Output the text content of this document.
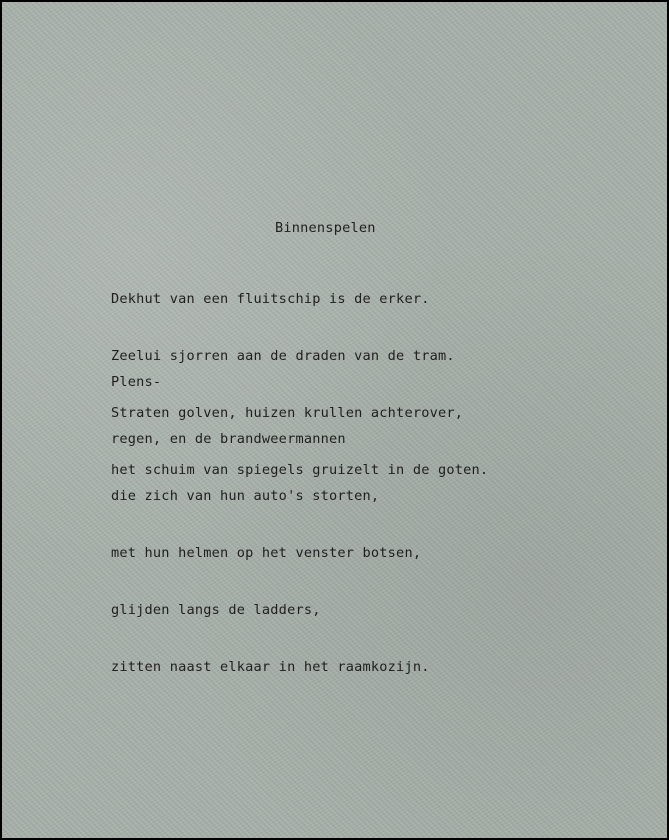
Binnenspelen

Dekhut van een fluitschip is de erker.

Zeelui sjorren aan de draden van de tram.

Straten golven, huizen krullen achterover,

het schuim van spiegels gruizelt in de goten.

Plens-

regen, en de brandweermannen

die zich van hun auto's storten,

met hun helmen op het venster botsen,

glijden langs de ladders,

zitten naast elkaar in het raamkozijn.
